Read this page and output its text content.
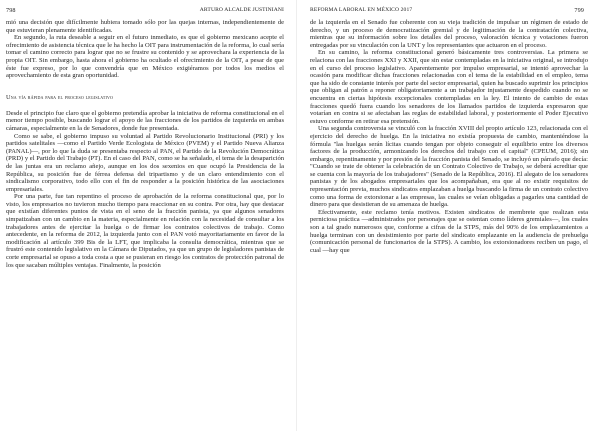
798	ARTURO ALCALDE JUSTINIANI

mió una decisión que difícilmente hubiera tomado sólo por las quejas internas, independientemente de que estuvieran plenamente identificadas.

En segundo, la ruta deseable a seguir en el futuro inmediato, es que el gobierno mexicano acepte el ofrecimiento de asistencia técnica que le ha hecho la OIT para instrumentación de la reforma, lo cual sería tomar el camino correcto para lograr que no se frustre su contenido y se aprovechara la experiencia de la propia OIT. Sin embargo, hasta ahora el gobierno ha ocultado el ofrecimiento de la OIT, a pesar de que éste fue expreso, por lo que convendría que en México exigiéramos por todos los medios el aprovechamiento de esta gran oportunidad.

Una vía rápida para el proceso legislativo

Desde el principio fue claro que el gobierno pretendía aprobar la iniciativa de reforma constitucional en el menor tiempo posible, buscando lograr el apoyo de las fracciones de los partidos de izquierda en ambas cámaras, especialmente en la de Senadores, donde fue presentada.

Como se sabe, el gobierno impuso su voluntad al Partido Revolucionario Institucional (PRI) y los partidos satelitales —como el Partido Verde Ecologista de México (PVEM) y el Partido Nueva Alianza (PANAL)—, por lo que la duda se presentaba respecto al PAN, el Partido de la Revolución Democrática (PRD) y el Partido del Trabajo (PT). En el caso del PAN, como se ha señalado, el tema de la desaparición de las juntas era un reclamo añejo, aunque en los dos sexenios en que ocupó la Presidencia de la República, su posición fue de férrea defensa del tripartismo y de un claro entendimiento con el sindicalismo corporativo, todo ello con el fin de responder a la posición histórica de las asociaciones empresariales.

Por una parte, fue tan repentino el proceso de aprobación de la reforma constitucional que, por lo visto, los empresarios no tuvieron mucho tiempo para reaccionar en su contra. Por otra, hay que destacar que existían diferentes puntos de vista en el seno de la fracción panista, ya que algunos senadores simpatizaban con un cambio en la materia, especialmente en relación con la necesidad de consultar a los trabajadores antes de ejercitar la huelga o de firmar los contratos colectivos de trabajo. Como antecedente, en la reforma de 2012, la izquierda junto con el PAN votó mayoritariamente en favor de la modificación al artículo 399 Bis de la LFT, que implicaba la consulta democrática, mientras que se frustró este contenido legislativo en la Cámara de Diputados, ya que un grupo de legisladores panistas de corte empresarial se opuso a toda costa a que se pusieran en riesgo los contratos de protección patronal de los que sacaban múltiples ventajas. Finalmente, la posición

REFORMA LABORAL EN MÉXICO 2017	799

de la izquierda en el Senado fue coherente con su vieja tradición de impulsar un régimen de estado de derecho, y un proceso de democratización gremial y de legitimación de la contratación colectiva, mientras que su información sobre los detalles del proceso, valoración técnica y votaciones fueron entregadas por su vinculación con la UNT y los representantes que actuaron en el proceso.

En su camino, la reforma constitucional generó básicamente tres controversias. La primera se relaciona con las fracciones XXI y XXII, que sin estar contempladas en la iniciativa original, se introdujo en el curso del proceso legislativo. Aparentemente por impulso empresarial, se intentó aprovechar la ocasión para modificar dichas fracciones relacionadas con el tema de la estabilidad en el empleo, tema que ha sido de constante interés por parte del sector empresarial, quien ha buscado suprimir los principios que obligan al patrón a reponer obligatoriamente a un trabajador injustamente despedido cuando no se encuentra en ciertas hipótesis excepcionales contempladas en la ley. El intento de cambio de estas fracciones quedó fuera cuando los senadores de los llamados partidos de izquierda expresaron que votarían en contra si se afectaban las reglas de estabilidad laboral, y posteriormente el Poder Ejecutivo estuvo conforme en retirar esa pretensión.

Una segunda controversia se vinculó con la fracción XVIII del propio artículo 123, relacionada con el ejercicio del derecho de huelga. En la iniciativa no existía propuesta de cambio, manteniéndose la fórmula "las huelgas serán lícitas cuando tengan por objeto conseguir el equilibrio entre los diversos factores de la producción, armonizando los derechos del trabajo con el capital" (CPEUM, 2016); sin embargo, repentinamente y por presión de la fracción panista del Senado, se incluyó un párrafo que decía: "Cuando se trate de obtener la celebración de un Contrato Colectivo de Trabajo, se deberá acreditar que se cuenta con la mayoría de los trabajadores" (Senado de la República, 2016). El alegato de los senadores panistas y de los abogados empresariales que los acompañaban, era que al no existir requisitos de representación previa, muchos sindicatos emplazaban a huelga buscando la firma de un contrato colectivo como una forma de extorsionar a las empresas, las cuales se veían obligadas a pagarles una cantidad de dinero para que desistieran de su amenaza de huelga.

Efectivamente, este reclamo tenía motivos. Existen sindicatos de membrete que realizan esta perniciosa práctica —administrados por personajes que se ostentan como líderes gremiales—, los cuales son a tal grado numerosos que, conforme a cifras de la STPS, más del 90% de los emplazamientos a huelga terminan con un desistimiento por parte del sindicato emplazante en la audiencia de prehuelga (comunicación personal de funcionarios de la STPS). A cambio, los extorsionadores reciben un pago, el cual —hay que
